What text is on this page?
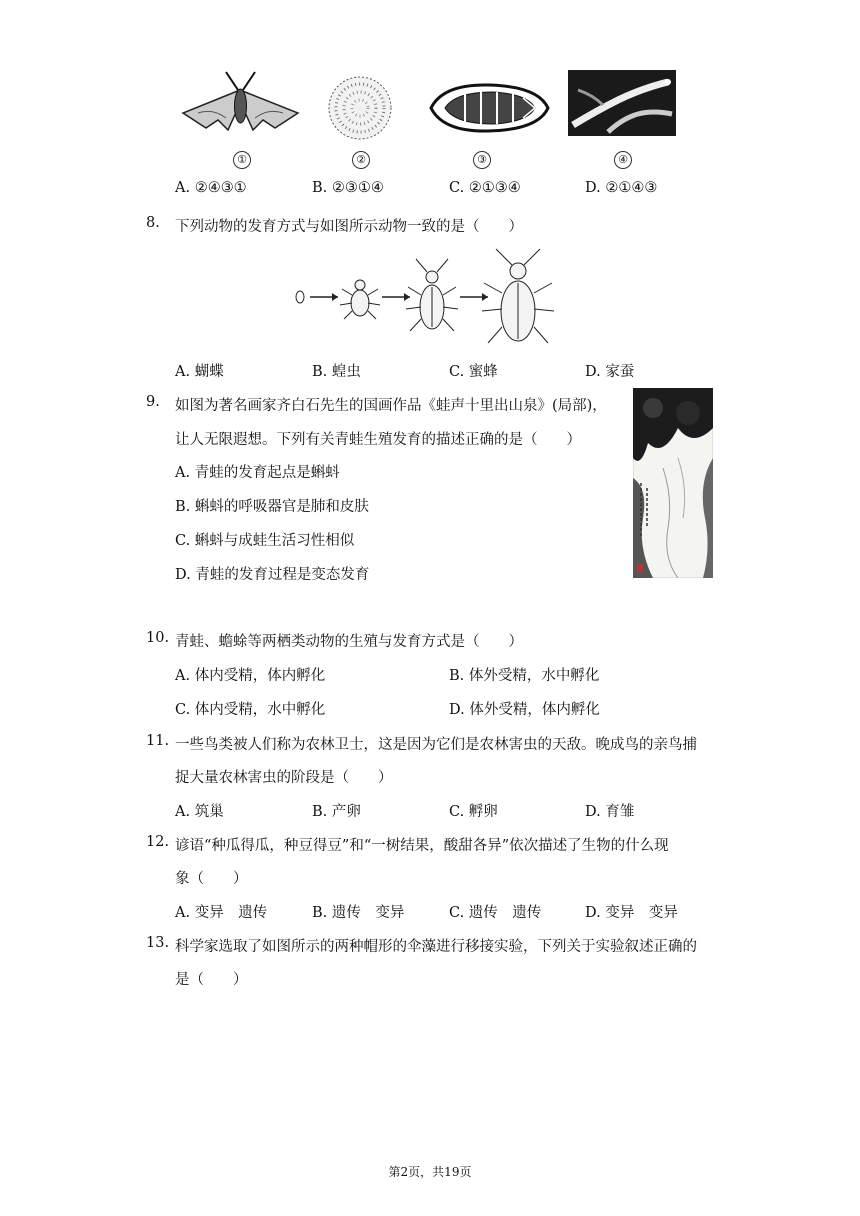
①	②	③	④
A. ②④③①	B. ②③①④	C. ②①③④	D. ②①④③
8. 下列动物的发育方式与如图所示动物一致的是（　　）
A. 蝴蝶	B. 蝗虫	C. 蜜蜂	D. 家蚕
9. 如图为著名画家齐白石先生的国画作品《蛙声十里出山泉》(局部)，
让人无限遐想。下列有关青蛙生殖发育的描述正确的是（　　）
A. 青蛙的发育起点是蝌蚪
B. 蝌蚪的呼吸器官是肺和皮肤
C. 蝌蚪与成蛙生活习性相似
D. 青蛙的发育过程是变态发育
10. 青蛙、蟾蜍等两栖类动物的生殖与发育方式是（　　）
A. 体内受精，体内孵化	B. 体外受精，水中孵化
C. 体内受精，水中孵化	D. 体外受精，体内孵化
11. 一些鸟类被人们称为农林卫士，这是因为它们是农林害虫的天敌。晚成鸟的亲鸟捕
捉大量农林害虫的阶段是（　　）
A. 筑巢	B. 产卵	C. 孵卵	D. 育雏
12. 谚语“种瓜得瓜，种豆得豆”和“一树结果，酸甜各异”依次描述了生物的什么现
象（　　）
A. 变异　遗传	B. 遗传　变异	C. 遗传　遗传	D. 变异　变异
13. 科学家选取了如图所示的两种帽形的伞藻进行移接实验，下列关于实验叙述正确的
是（　　）
第2页，共19页
